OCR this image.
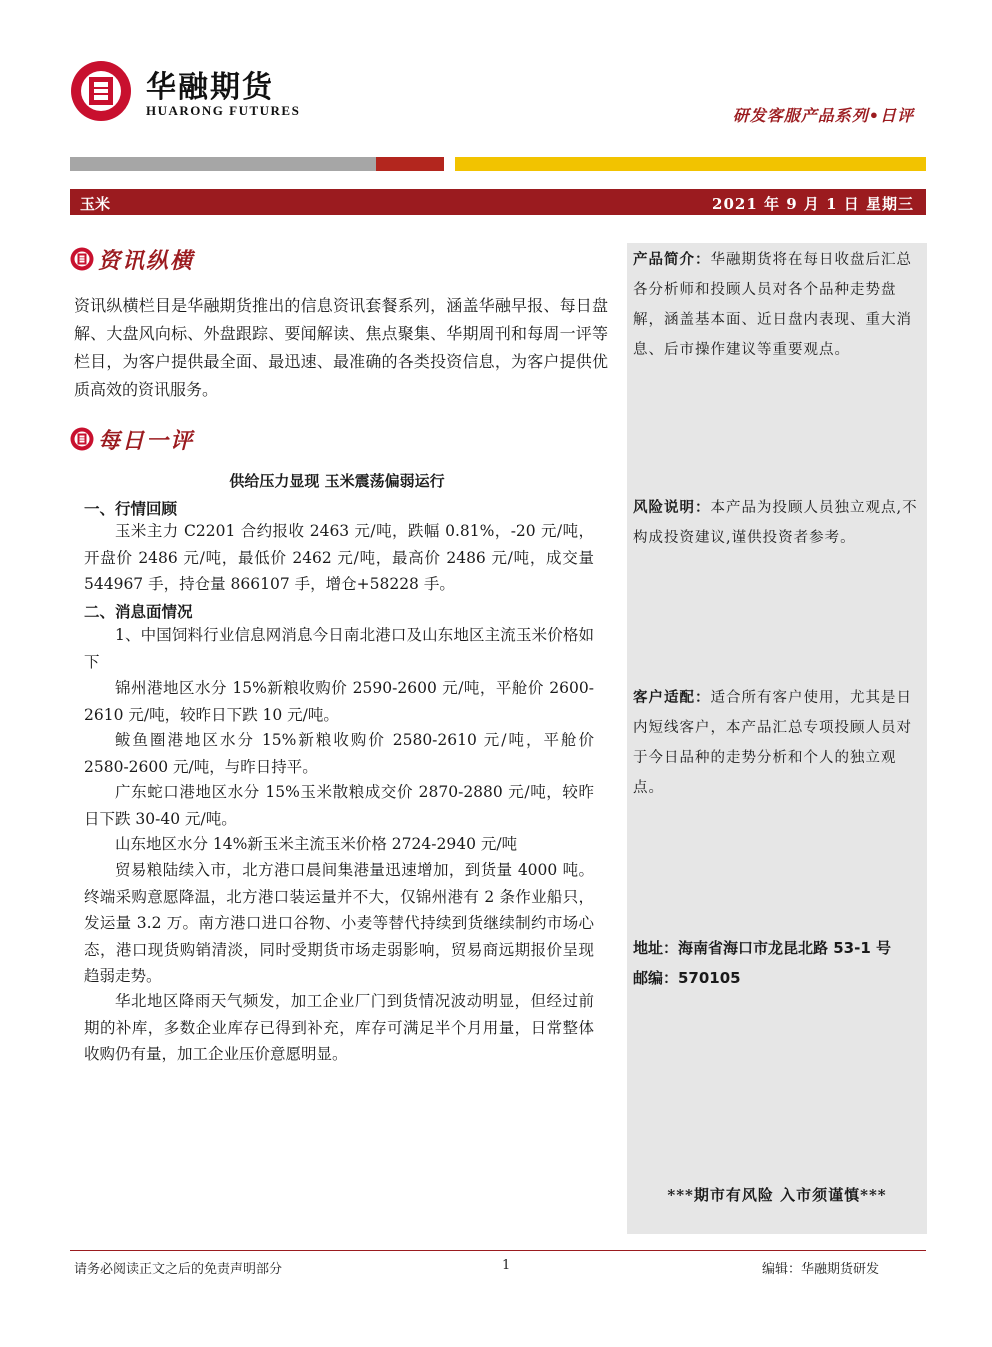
华融期货
HUARONG FUTURES	研发客服产品系列•日评
玉米	2021 年 9 月 1 日 星期三
产品简介：华融期货将在每日收盘后汇总各分析师和投顾人员对各个品种走势盘解，涵盖基本面、近日盘内表现、重大消息、后市操作建议等重要观点。
风险说明：本产品为投顾人员独立观点,不构成投资建议,谨供投资者参考。
客户适配：适合所有客户使用，尤其是日内短线客户，本产品汇总专项投顾人员对于今日品种的走势分析和个人的独立观点。
地址：海南省海口市龙昆北路 53-1 号
邮编：570105
***期市有风险 入市须谨慎***
资讯纵横
资讯纵横栏目是华融期货推出的信息资讯套餐系列，涵盖华融早报、每日盘解、大盘风向标、外盘跟踪、要闻解读、焦点聚集、华期周刊和每周一评等栏目，为客户提供最全面、最迅速、最准确的各类投资信息，为客户提供优质高效的资讯服务。
每日一评
供给压力显现 玉米震荡偏弱运行
一、行情回顾
玉米主力 C2201 合约报收 2463 元/吨，跌幅 0.81%，-20 元/吨，开盘价 2486 元/吨，最低价 2462 元/吨，最高价 2486 元/吨，成交量 544967 手，持仓量 866107 手，增仓+58228 手。
二、消息面情况
1、中国饲料行业信息网消息今日南北港口及山东地区主流玉米价格如下
锦州港地区水分 15%新粮收购价 2590-2600 元/吨，平舱价 2600-2610 元/吨，较昨日下跌 10 元/吨。
鲅鱼圈港地区水分 15%新粮收购价 2580-2610 元/吨，平舱价 2580-2600 元/吨，与昨日持平。
广东蛇口港地区水分 15%玉米散粮成交价 2870-2880 元/吨，较昨日下跌 30-40 元/吨。
山东地区水分 14%新玉米主流玉米价格 2724-2940 元/吨
贸易粮陆续入市，北方港口晨间集港量迅速增加，到货量 4000 吨。终端采购意愿降温，北方港口装运量并不大，仅锦州港有 2 条作业船只，发运量 3.2 万。南方港口进口谷物、小麦等替代持续到货继续制约市场心态，港口现货购销清淡，同时受期货市场走弱影响，贸易商远期报价呈现趋弱走势。
华北地区降雨天气频发，加工企业厂门到货情况波动明显，但经过前期的补库，多数企业库存已得到补充，库存可满足半个月用量，日常整体收购仍有量，加工企业压价意愿明显。
请务必阅读正文之后的免责声明部分	1	编辑：华融期货研发
